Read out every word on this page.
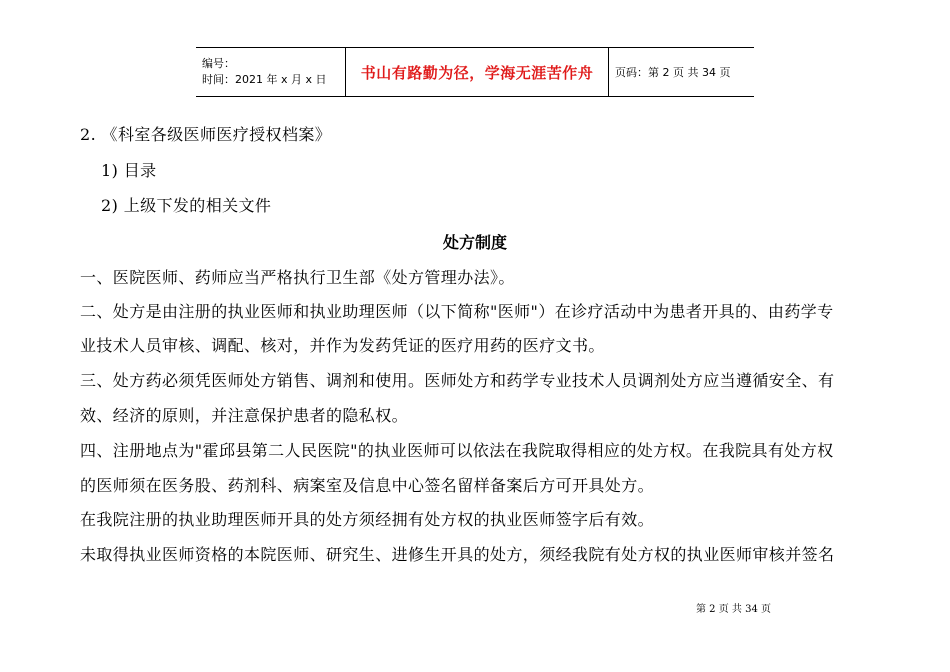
编号：
时间：2021 年 x 月 x 日	书山有路勤为径，学海无涯苦作舟	页码：第 2 页 共 34 页
2. 《科室各级医师医疗授权档案》
1) 目录
2) 上级下发的相关文件
处方制度
一、医院医师、药师应当严格执行卫生部《处方管理办法》。
二、处方是由注册的执业医师和执业助理医师（以下简称"医师"）在诊疗活动中为患者开具的、由药学专
业技术人员审核、调配、核对，并作为发药凭证的医疗用药的医疗文书。
三、处方药必须凭医师处方销售、调剂和使用。医师处方和药学专业技术人员调剂处方应当遵循安全、有
效、经济的原则，并注意保护患者的隐私权。
四、注册地点为"霍邱县第二人民医院"的执业医师可以依法在我院取得相应的处方权。在我院具有处方权
的医师须在医务股、药剂科、病案室及信息中心签名留样备案后方可开具处方。
在我院注册的执业助理医师开具的处方须经拥有处方权的执业医师签字后有效。
未取得执业医师资格的本院医师、研究生、进修生开具的处方，须经我院有处方权的执业医师审核并签名
第 2 页 共 34 页
